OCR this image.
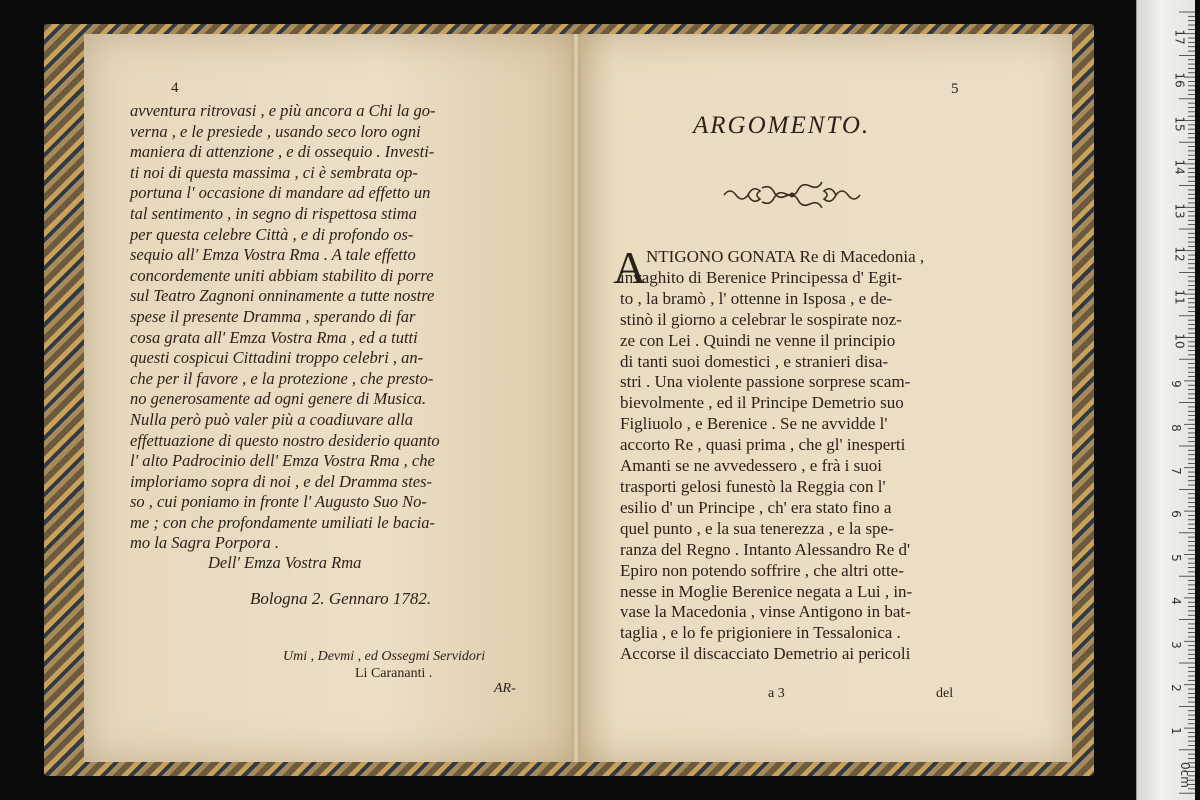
4
avventura ritrovasi , e più ancora a Chi la go-
verna , e le presiede , usando seco loro ogni
maniera di attenzione , e di ossequio . Investi-
ti noi di questa massima , ci è sembrata op-
portuna l' occasione di mandare ad effetto un
tal sentimento , in segno di rispettosa stima
per questa celebre Città , e di profondo os-
sequio all' Emza Vostra Rma . A tale effetto
concordemente uniti abbiam stabilito di porre
sul Teatro Zagnoni onninamente a tutte nostre
spese il presente Dramma , sperando di far
cosa grata all' Emza Vostra Rma , ed a tutti
questi cospicui Cittadini troppo celebri , an-
che per il favore , e la protezione , che presto-
no generosamente ad ogni genere di Musica.
Nulla però può valer più a coadiuvare alla
effettuazione di questo nostro desiderio quanto
l' alto Padrocinio dell' Emza Vostra Rma , che
imploriamo sopra di noi , e del Dramma stes-
so , cui poniamo in fronte l' Augusto Suo No-
me ; con che profondamente umiliati le bacia-
mo la Sagra Porpora .
Dell' Emza Vostra Rma
Bologna 2. Gennaro 1782.
Umi , Devmi , ed Ossegmi Servidori
Li Carananti .
AR-
5
ARGOMENTO.
A NTIGONO GONATA Re di Macedonia ,
invaghito di Berenice Principessa d' Egit-
to , la bramò , l' ottenne in Isposa , e de-
stinò il giorno a celebrar le sospirate noz-
ze con Lei . Quindi ne venne il principio
di tanti suoi domestici , e stranieri disa-
stri . Una violente passione sorprese scam-
bievolmente , ed il Principe Demetrio suo
Figliuolo , e Berenice . Se ne avvidde l'
accorto Re , quasi prima , che gl' inesperti
Amanti se ne avvedessero , e frà i suoi
trasporti gelosi funestò la Reggia con l'
esilio d' un Principe , ch' era stato fino a
quel punto , e la sua tenerezza , e la spe-
ranza del Regno . Intanto Alessandro Re d'
Epiro non potendo soffrire , che altri otte-
nesse in Moglie Berenice negata a Lui , in-
vase la Macedonia , vinse Antigono in bat-
taglia , e lo fe prigioniere in Tessalonica .
Accorse il discacciato Demetrio ai pericoli
a 3	del
17
16
15
14
13
12
11
10
9
8
7
6
5
4
3
2
1
0cm
